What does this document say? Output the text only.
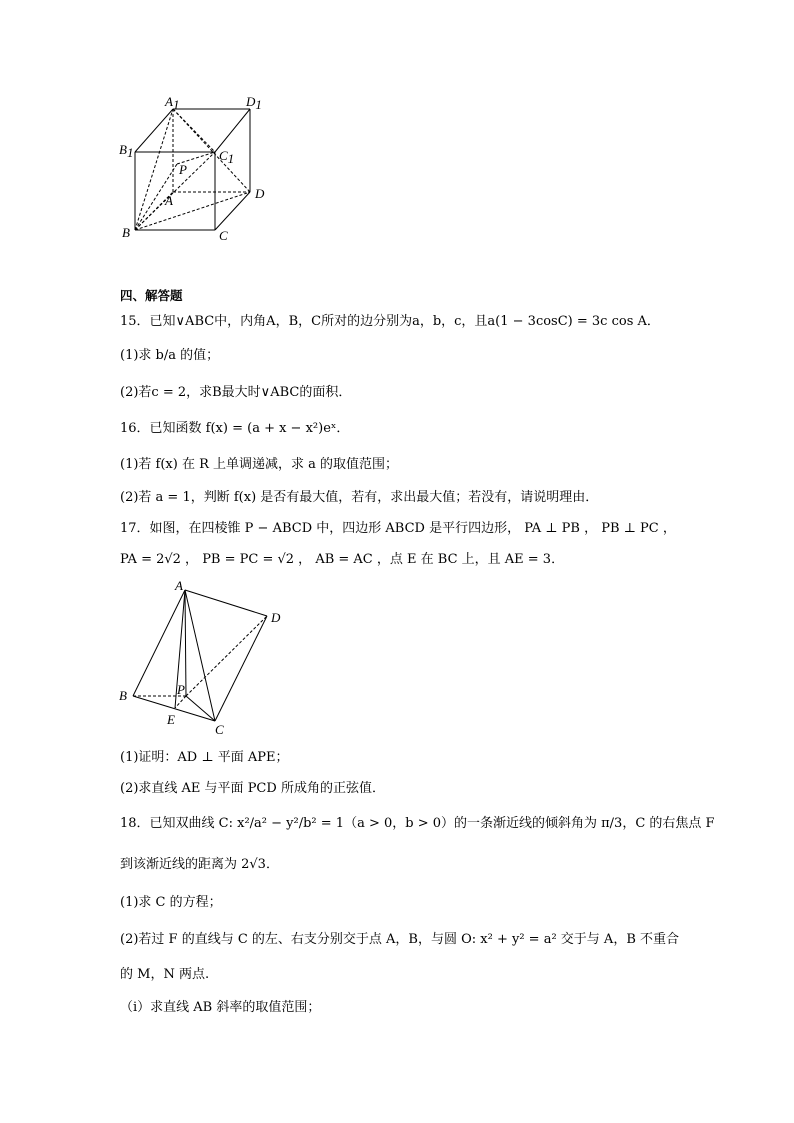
A1	D1
B1	C1
P
A	D
B	C
四、解答题
15．已知∨ABC中，内角A，B，C所对的边分别为a，b，c，且a(1 − 3cosC) = 3c cos A．
(1)求 b/a 的值；
(2)若c = 2，求B最大时∨ABC的面积．
16．已知函数 f(x) = (a + x − x²)eˣ．
(1)若 f(x) 在 R 上单调递减，求 a 的取值范围；
(2)若 a = 1，判断 f(x) 是否有最大值，若有，求出最大值；若没有，请说明理由．
17．如图，在四棱锥 P − ABCD 中，四边形 ABCD 是平行四边形， PA ⊥ PB ， PB ⊥ PC ，
PA = 2√2 ， PB = PC = √2 ， AB = AC ，点 E 在 BC 上，且 AE = 3．
A
D
B	P
E
C
(1)证明：AD ⊥ 平面 APE；
(2)求直线 AE 与平面 PCD 所成角的正弦值．
18．已知双曲线 C: x²/a² − y²/b² = 1（a > 0，b > 0）的一条渐近线的倾斜角为 π/3，C 的右焦点 F
到该渐近线的距离为 2√3．
(1)求 C 的方程；
(2)若过 F 的直线与 C 的左、右支分别交于点 A，B，与圆 O: x² + y² = a² 交于与 A，B 不重合
的 M，N 两点.
（ⅰ）求直线 AB 斜率的取值范围；
